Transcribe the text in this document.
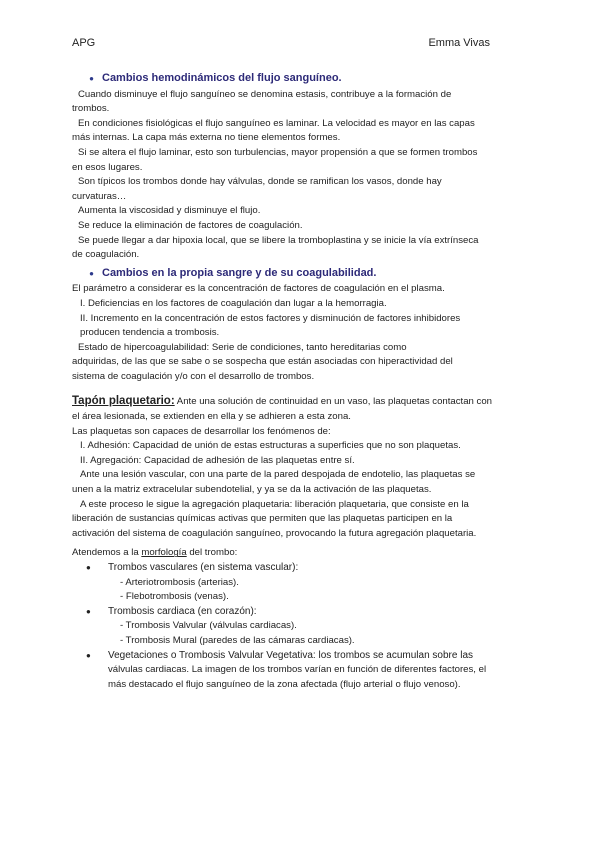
APG	Emma Vivas
● Cambios hemodinámicos del flujo sanguíneo.

Cuando disminuye el flujo sanguíneo se denomina estasis, contribuye a la formación de

trombos.

En condiciones fisiológicas el flujo sanguíneo es laminar. La velocidad es mayor en las capas

más internas. La capa más externa no tiene elementos formes.

Si se altera el flujo laminar, esto son turbulencias, mayor propensión a que se formen trombos

en esos lugares.

Son típicos los trombos donde hay válvulas, donde se ramifican los vasos, donde hay

curvaturas…

Aumenta la viscosidad y disminuye el flujo.

Se reduce la eliminación de factores de coagulación.

Se puede llegar a dar hipoxia local, que se libere la tromboplastina y se inicie la vía extrínseca

de coagulación.

● Cambios en la propia sangre y de su coagulabilidad.

El parámetro a considerar es la concentración de factores de coagulación en el plasma.

I. Deficiencias en los factores de coagulación dan lugar a la hemorragia.

II. Incremento en la concentración de estos factores y disminución de factores inhibidores

producen tendencia a trombosis.

Estado de hipercoagulabilidad: Serie de condiciones, tanto hereditarias como

adquiridas, de las que se sabe o se sospecha que están asociadas con hiperactividad del

sistema de coagulación y/o con el desarrollo de trombos.

Tapón plaquetario: Ante una solución de continuidad en un vaso, las plaquetas contactan con

el área lesionada, se extienden en ella y se adhieren a esta zona.

Las plaquetas son capaces de desarrollar los fenómenos de:

I. Adhesión: Capacidad de unión de estas estructuras a superficies que no son plaquetas.

II. Agregación: Capacidad de adhesión de las plaquetas entre sí.

Ante una lesión vascular, con una parte de la pared despojada de endotelio, las plaquetas se

unen a la matriz extracelular subendotelial, y ya se da la activación de las plaquetas.

A este proceso le sigue la agregación plaquetaria: liberación plaquetaria, que consiste en la

liberación de sustancias químicas activas que permiten que las plaquetas participen en la

activación del sistema de coagulación sanguíneo, provocando la futura agregación plaquetaria.

Atendemos a la morfología del trombo:

●	Trombos vasculares (en sistema vascular):

- Arteriotrombosis (arterias).

- Flebotrombosis (venas).

●	Trombosis cardiaca (en corazón):

- Trombosis Valvular (válvulas cardiacas).

- Trombosis Mural (paredes de las cámaras cardiacas).

●	Vegetaciones o Trombosis Valvular Vegetativa: los trombos se acumulan sobre las

válvulas cardiacas. La imagen de los trombos varían en función de diferentes factores, el

más destacado el flujo sanguíneo de la zona afectada (flujo arterial o flujo venoso).
